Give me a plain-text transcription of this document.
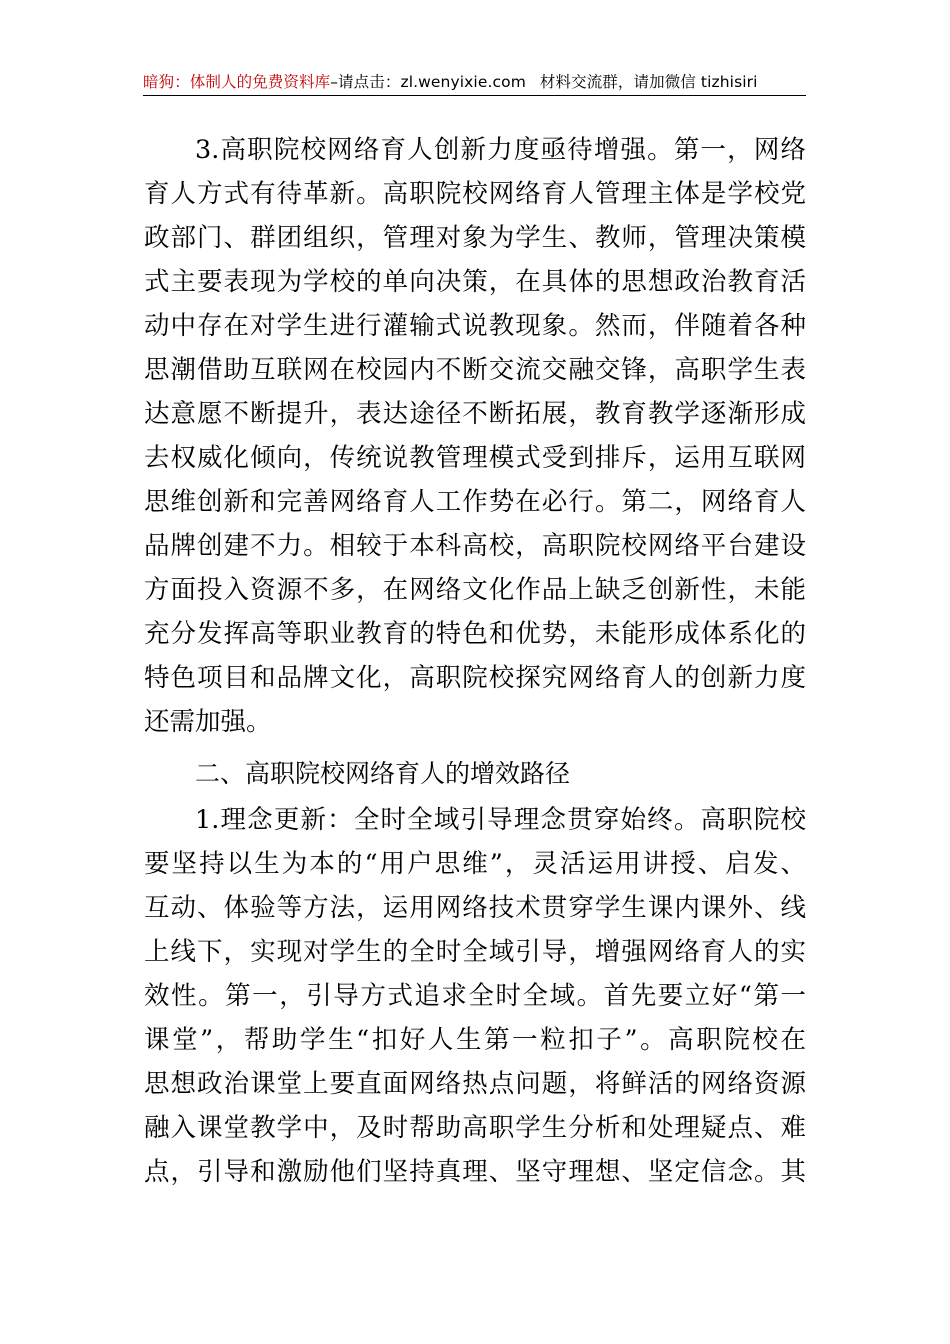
暗狗：体制人的免费资料库–请点击：zl.wenyixie.com 材料交流群，请加微信 tizhisiri
3.高职院校网络育人创新力度亟待增强。第一，网络
育人方式有待革新。高职院校网络育人管理主体是学校党
政部门、群团组织，管理对象为学生、教师，管理决策模
式主要表现为学校的单向决策，在具体的思想政治教育活
动中存在对学生进行灌输式说教现象。然而，伴随着各种
思潮借助互联网在校园内不断交流交融交锋，高职学生表
达意愿不断提升，表达途径不断拓展，教育教学逐渐形成
去权威化倾向，传统说教管理模式受到排斥，运用互联网
思维创新和完善网络育人工作势在必行。第二，网络育人
品牌创建不力。相较于本科高校，高职院校网络平台建设
方面投入资源不多，在网络文化作品上缺乏创新性，未能
充分发挥高等职业教育的特色和优势，未能形成体系化的
特色项目和品牌文化，高职院校探究网络育人的创新力度
还需加强。
二、高职院校网络育人的增效路径
1.理念更新：全时全域引导理念贯穿始终。高职院校
要坚持以生为本的“用户思维”，灵活运用讲授、启发、
互动、体验等方法，运用网络技术贯穿学生课内课外、线
上线下，实现对学生的全时全域引导，增强网络育人的实
效性。第一，引导方式追求全时全域。首先要立好“第一
课堂”，帮助学生“扣好人生第一粒扣子”。高职院校在
思想政治课堂上要直面网络热点问题，将鲜活的网络资源
融入课堂教学中，及时帮助高职学生分析和处理疑点、难
点，引导和激励他们坚持真理、坚守理想、坚定信念。其
